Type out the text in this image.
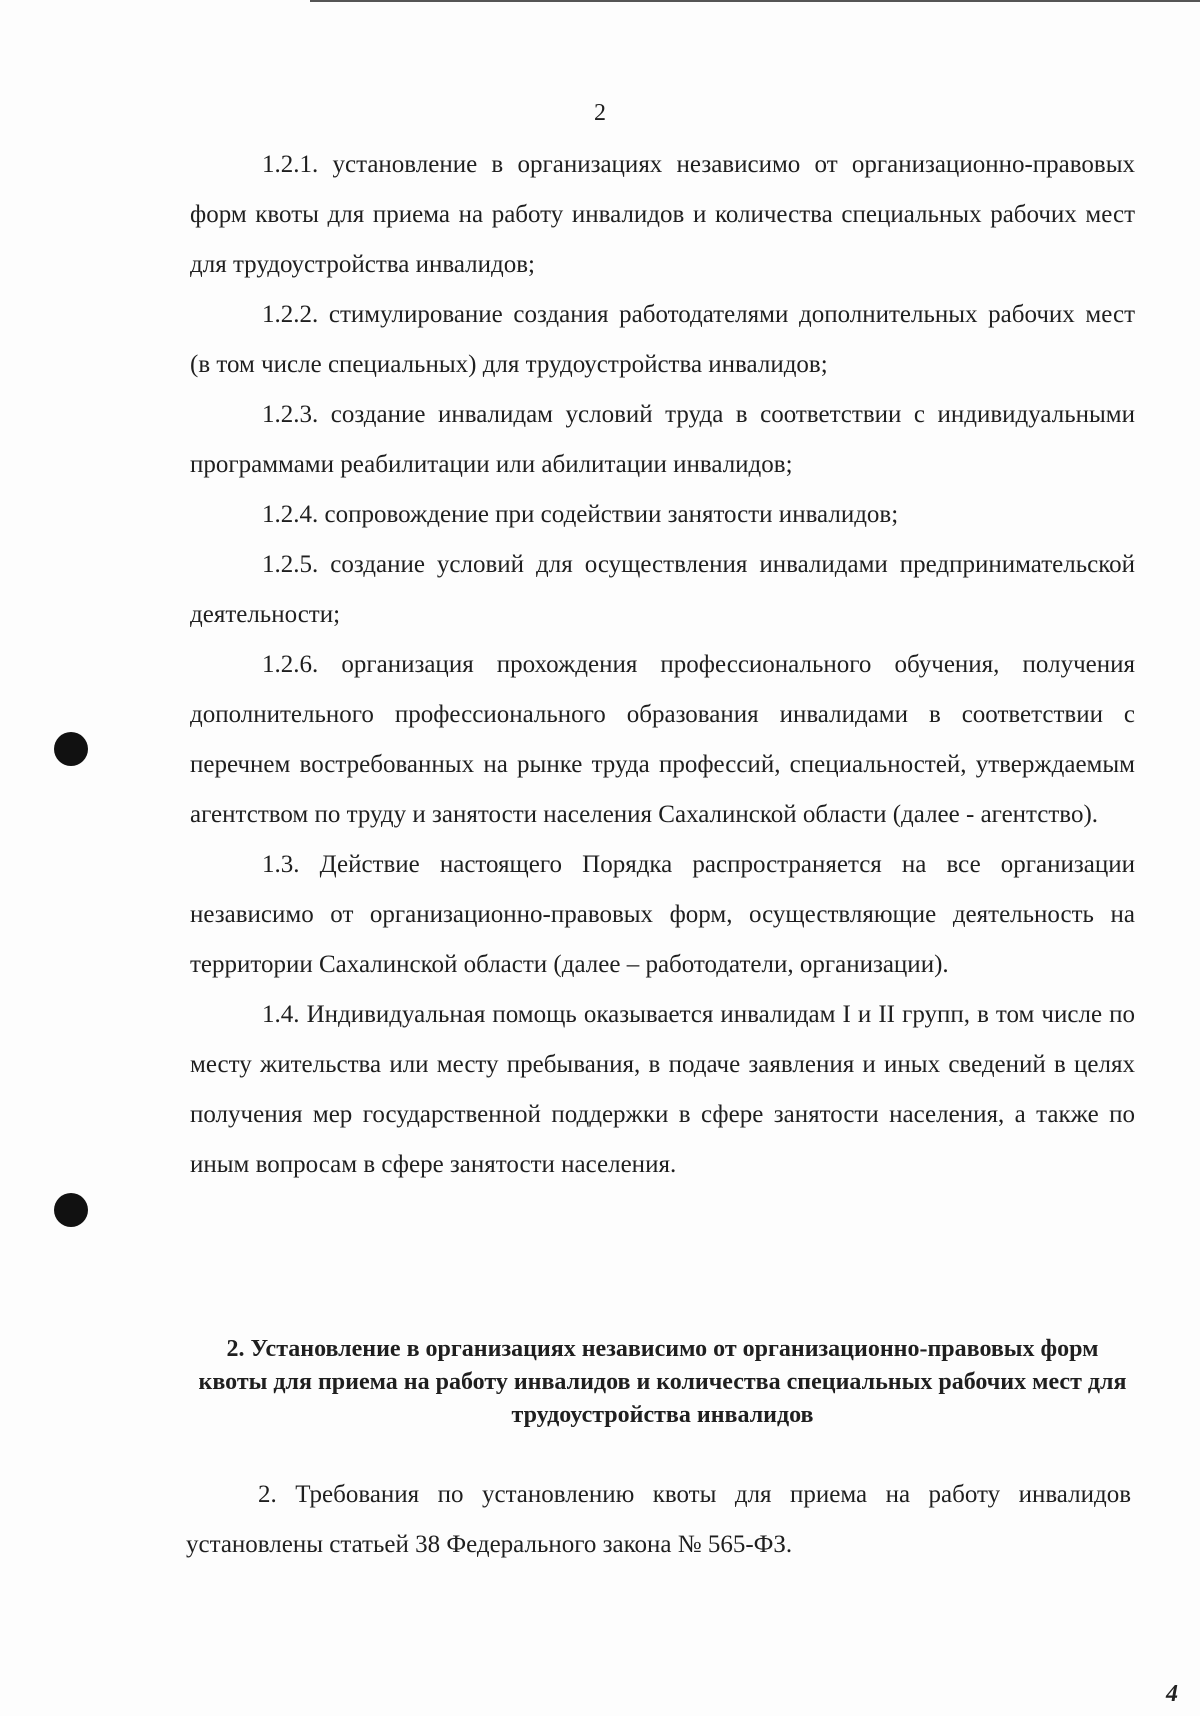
2

1.2.1. установление в организациях независимо от организационно-правовых форм квоты для приема на работу инвалидов и количества специальных рабочих мест для трудоустройства инвалидов;

1.2.2. стимулирование создания работодателями дополнительных рабочих мест (в том числе специальных) для трудоустройства инвалидов;

1.2.3. создание инвалидам условий труда в соответствии с индивидуальными программами реабилитации или абилитации инвалидов;

1.2.4. сопровождение при содействии занятости инвалидов;

1.2.5. создание условий для осуществления инвалидами предпринимательской деятельности;

1.2.6. организация прохождения профессионального обучения, получения дополнительного профессионального образования инвалидами в соответствии с перечнем востребованных на рынке труда профессий, специальностей, утверждаемым агентством по труду и занятости населения Сахалинской области (далее - агентство).

1.3. Действие настоящего Порядка распространяется на все организации независимо от организационно-правовых форм, осуществляющие деятельность на территории Сахалинской области (далее – работодатели, организации).

1.4. Индивидуальная помощь оказывается инвалидам I и II групп, в том числе по месту жительства или месту пребывания, в подаче заявления и иных сведений в целях получения мер государственной поддержки в сфере занятости населения, а также по иным вопросам в сфере занятости населения.

2. Установление в организациях независимо от организационно-правовых форм квоты для приема на работу инвалидов и количества специальных рабочих мест для трудоустройства инвалидов

2. Требования по установлению квоты для приема на работу инвалидов установлены статьей 38 Федерального закона № 565-ФЗ.

4
